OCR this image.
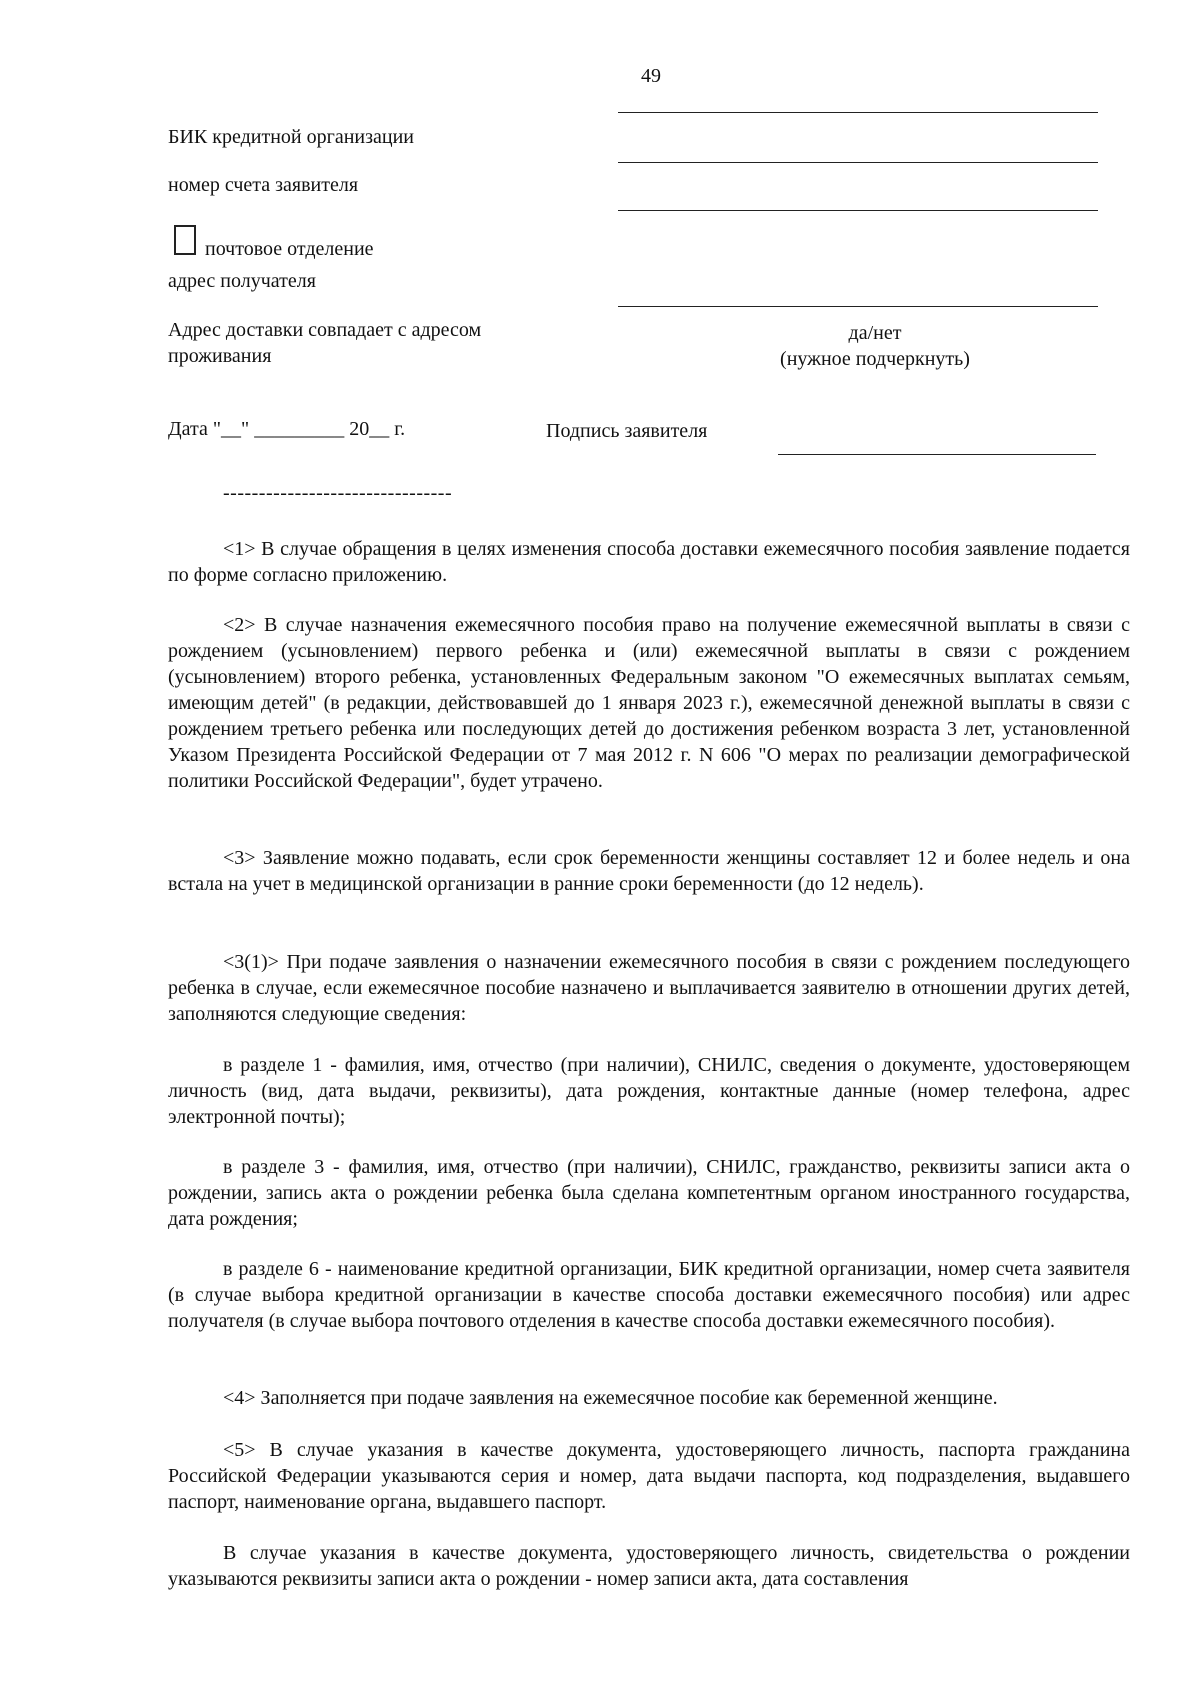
49
БИК кредитной организации
номер счета заявителя
почтовое отделение
адрес получателя
Адрес доставки совпадает с адресом
проживания
да/нет
(нужное подчеркнуть)
Дата "__" _________ 20__ г.	Подпись заявителя
--------------------------------
<1> В случае обращения в целях изменения способа доставки ежемесячного пособия заявление подается по форме согласно приложению.
<2> В случае назначения ежемесячного пособия право на получение ежемесячной выплаты в связи с рождением (усыновлением) первого ребенка и (или) ежемесячной выплаты в связи с рождением (усыновлением) второго ребенка, установленных Федеральным законом "О ежемесячных выплатах семьям, имеющим детей" (в редакции, действовавшей до 1 января 2023 г.), ежемесячной денежной выплаты в связи с рождением третьего ребенка или последующих детей до достижения ребенком возраста 3 лет, установленной Указом Президента Российской Федерации от 7 мая 2012 г. N 606 "О мерах по реализации демографической политики Российской Федерации", будет утрачено.
<3> Заявление можно подавать, если срок беременности женщины составляет 12 и более недель и она встала на учет в медицинской организации в ранние сроки беременности (до 12 недель).
<3(1)> При подаче заявления о назначении ежемесячного пособия в связи с рождением последующего ребенка в случае, если ежемесячное пособие назначено и выплачивается заявителю в отношении других детей, заполняются следующие сведения:
в разделе 1 - фамилия, имя, отчество (при наличии), СНИЛС, сведения о документе, удостоверяющем личность (вид, дата выдачи, реквизиты), дата рождения, контактные данные (номер телефона, адрес электронной почты);
в разделе 3 - фамилия, имя, отчество (при наличии), СНИЛС, гражданство, реквизиты записи акта о рождении, запись акта о рождении ребенка была сделана компетентным органом иностранного государства, дата рождения;
в разделе 6 - наименование кредитной организации, БИК кредитной организации, номер счета заявителя (в случае выбора кредитной организации в качестве способа доставки ежемесячного пособия) или адрес получателя (в случае выбора почтового отделения в качестве способа доставки ежемесячного пособия).
<4> Заполняется при подаче заявления на ежемесячное пособие как беременной женщине.
<5> В случае указания в качестве документа, удостоверяющего личность, паспорта гражданина Российской Федерации указываются серия и номер, дата выдачи паспорта, код подразделения, выдавшего паспорт, наименование органа, выдавшего паспорт.
В случае указания в качестве документа, удостоверяющего личность, свидетельства о рождении указываются реквизиты записи акта о рождении - номер записи акта, дата составления
